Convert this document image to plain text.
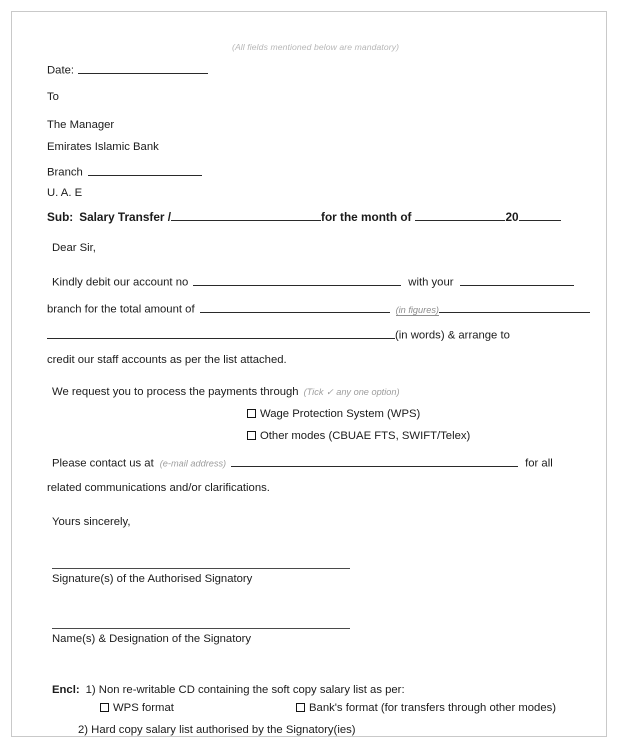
(All fields mentioned below are mandatory)
Date:
To
The Manager
Emirates Islamic Bank
Branch
U. A. E
Sub: Salary Transfer /	for the month of	20
Dear Sir,
Kindly debit our account no	with your
branch for the total amount of	(in figures)
(in words) & arrange to
credit our staff accounts as per the list attached.
We request you to process the payments through (Tick ✓ any one option)
Wage Protection System (WPS)
Other modes (CBUAE FTS, SWIFT/Telex)
Please contact us at (e-mail address)	for all
related communications and/or clarifications.
Yours sincerely,
Signature(s) of the Authorised Signatory
Name(s) & Designation of the Signatory
Encl: 1) Non re-writable CD containing the soft copy salary list as per:
WPS format	Bank's format (for transfers through other modes)
2) Hard copy salary list authorised by the Signatory(ies)
